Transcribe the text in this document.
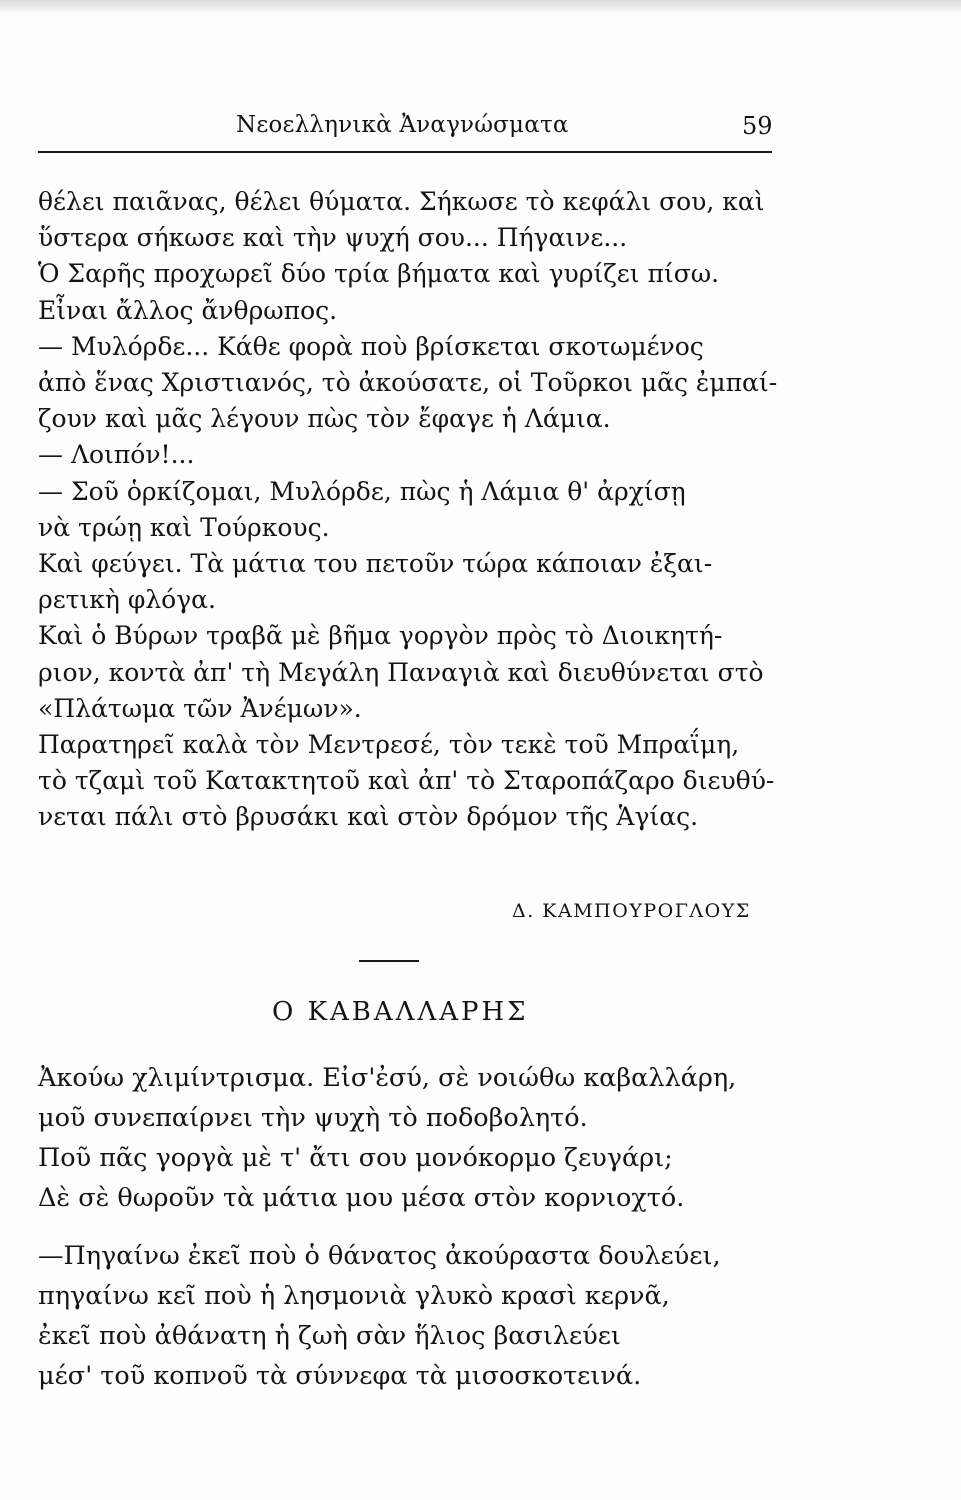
Νεοελληνικὰ Ἀναγνώσματα	59
θέλει παιᾶνας, θέλει θύματα. Σήκωσε τὸ κεφάλι σου, καὶ
ὕστερα σήκωσε καὶ τὴν ψυχή σου... Πήγαινε...
Ὁ Σαρῆς προχωρεῖ δύο τρία βήματα καὶ γυρίζει πίσω.
Εἶναι ἄλλος ἄνθρωπος.
— Μυλόρδε... Κάθε φορὰ ποὺ βρίσκεται σκοτωμένος
ἀπὸ ἕνας Χριστιανός, τὸ ἀκούσατε, οἱ Τοῦρκοι μᾶς ἐμπαί-
ζουν καὶ μᾶς λέγουν πὼς τὸν ἔφαγε ἡ Λάμια.
— Λοιπόν!...
— Σοῦ ὁρκίζομαι, Μυλόρδε, πὼς ἡ Λάμια θ' ἀρχίσῃ
νὰ τρώῃ καὶ Τούρκους.
Καὶ φεύγει. Τὰ μάτια του πετοῦν τώρα κάποιαν ἐξαι-
ρετικὴ φλόγα.
Καὶ ὁ Βύρων τραβᾶ μὲ βῆμα γοργὸν πρὸς τὸ Διοικητή-
ριον, κοντὰ ἀπ' τὴ Μεγάλη Παναγιὰ καὶ διευθύνεται στὸ
«Πλάτωμα τῶν Ἀνέμων».
Παρατηρεῖ καλὰ τὸν Μεντρεσέ, τὸν τεκὲ τοῦ Μπραΐμη,
τὸ τζαμὶ τοῦ Κατακτητοῦ καὶ ἀπ' τὸ Σταροπάζαρο διευθύ-
νεται πάλι στὸ βρυσάκι καὶ στὸν δρόμον τῆς Ἁγίας.
Δ. ΚΑΜΠΟΥΡΟΓΛΟΥΣ
Ο ΚΑΒΑΛΛΑΡΗΣ
Ἀκούω χλιμίντρισμα. Εἰσ'ἐσύ, σὲ νοιώθω καβαλλάρη,
μοῦ συνεπαίρνει τὴν ψυχὴ τὸ ποδοβολητό.
Ποῦ πᾶς γοργὰ μὲ τ' ἄτι σου μονόκορμο ζευγάρι;
Δὲ σὲ θωροῦν τὰ μάτια μου μέσα στὸν κορνιοχτό.
—Πηγαίνω ἐκεῖ ποὺ ὁ θάνατος ἀκούραστα δουλεύει,
πηγαίνω κεῖ ποὺ ἡ λησμονιὰ γλυκὸ κρασὶ κερνᾶ,
ἐκεῖ ποὺ ἀθάνατη ἡ ζωὴ σὰν ἥλιος βασιλεύει
μέσ' τοῦ κοπνοῦ τὰ σύννεφα τὰ μισοσκοτεινά.
